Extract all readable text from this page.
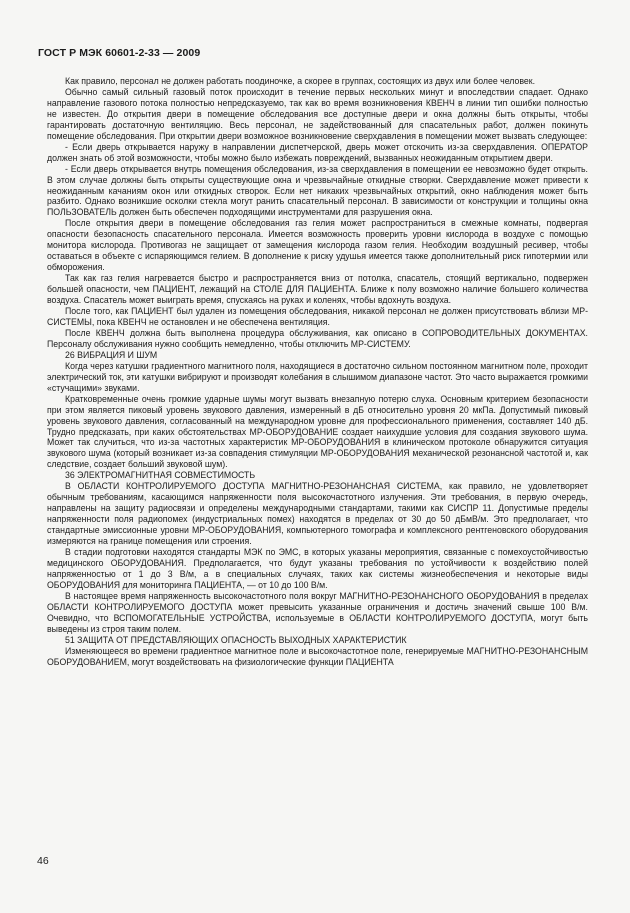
ГОСТ Р МЭК 60601-2-33 — 2009

Как правило, персонал не должен работать поодиночке, а скорее в группах, состоящих из двух или более человек.

Обычно самый сильный газовый поток происходит в течение первых нескольких минут и впоследствии спадает. Однако направление газового потока полностью непредсказуемо, так как во время возникновения КВЕНЧ в линии тип ошибки полностью не известен. До открытия двери в помещение обследования все доступные двери и окна должны быть открыты, чтобы гарантировать достаточную вентиляцию. Весь персонал, не задействованный для спасательных работ, должен покинуть помещение обследования. При открытии двери возможное возникновение сверхдавления в помещении может вызвать следующее:

- Если дверь открывается наружу в направлении диспетчерской, дверь может отскочить из-за сверхдавления. ОПЕРАТОР должен знать об этой возможности, чтобы можно было избежать повреждений, вызванных неожиданным открытием двери.

- Если дверь открывается внутрь помещения обследования, из-за сверхдавления в помещении ее невозможно будет открыть. В этом случае должны быть открыты существующие окна и чрезвычайные откидные створки. Сверхдавление может привести к неожиданным качаниям окон или откидных створок. Если нет никаких чрезвычайных открытий, окно наблюдения может быть разбито. Однако возникшие осколки стекла могут ранить спасательный персонал. В зависимости от конструкции и толщины окна ПОЛЬЗОВАТЕЛЬ должен быть обеспечен подходящими инструментами для разрушения окна.

После открытия двери в помещение обследования газ гелия может распространиться в смежные комнаты, подвергая опасности безопасность спасательного персонала. Имеется возможность проверить уровни кислорода в воздухе с помощью монитора кислорода. Противогаз не защищает от замещения кислорода газом гелия. Необходим воздушный ресивер, чтобы оставаться в объекте с испаряющимся гелием. В дополнение к риску удушья имеется также дополнительный риск гипотермии или обморожения.

Так как газ гелия нагревается быстро и распространяется вниз от потолка, спасатель, стоящий вертикально, подвержен большей опасности, чем ПАЦИЕНТ, лежащий на СТОЛЕ ДЛЯ ПАЦИЕНТА. Ближе к полу возможно наличие большего количества воздуха. Спасатель может выиграть время, спускаясь на руках и коленях, чтобы вдохнуть воздуха.

После того, как ПАЦИЕНТ был удален из помещения обследования, никакой персонал не должен присутствовать вблизи МР-СИСТЕМЫ, пока КВЕНЧ не остановлен и не обеспечена вентиляция.

После КВЕНЧ должна быть выполнена процедура обслуживания, как описано в СОПРОВОДИТЕЛЬНЫХ ДОКУМЕНТАХ. Персоналу обслуживания нужно сообщить немедленно, чтобы отключить МР-СИСТЕМУ.

26 ВИБРАЦИЯ И ШУМ

Когда через катушки градиентного магнитного поля, находящиеся в достаточно сильном постоянном магнитном поле, проходит электрический ток, эти катушки вибрируют и производят колебания в слышимом диапазоне частот. Это часто выражается громкими «стучащими» звуками.

Кратковременные очень громкие ударные шумы могут вызвать внезапную потерю слуха. Основным критерием безопасности при этом является пиковый уровень звукового давления, измеренный в дБ относительно уровня 20 мкПа. Допустимый пиковый уровень звукового давления, согласованный на международном уровне для профессионального применения, составляет 140 дБ. Трудно предсказать, при каких обстоятельствах МР-ОБОРУДОВАНИЕ создает наихудшие условия для создания звукового шума. Может так случиться, что из-за частотных характеристик МР-ОБОРУДОВАНИЯ в клиническом протоколе обнаружится ситуация звукового шума (который возникает из-за совпадения стимуляции МР-ОБОРУДОВАНИЯ механической резонансной частотой и, как следствие, создает больший звуковой шум).

36 ЭЛЕКТРОМАГНИТНАЯ СОВМЕСТИМОСТЬ

В ОБЛАСТИ КОНТРОЛИРУЕМОГО ДОСТУПА МАГНИТНО-РЕЗОНАНСНАЯ СИСТЕМА, как правило, не удовлетворяет обычным требованиям, касающимся напряженности поля высокочастотного излучения. Эти требования, в первую очередь, направлены на защиту радиосвязи и определены международными стандартами, такими как СИСПР 11. Допустимые пределы напряженности поля радиопомех (индустриальных помех) находятся в пределах от 30 до 50 дБмВ/м. Это предполагает, что стандартные эмиссионные уровни МР-ОБОРУДОВАНИЯ, компьютерного томографа и комплексного рентгеновского оборудования измеряются на границе помещения или строения.

В стадии подготовки находятся стандарты МЭК по ЭМС, в которых указаны мероприятия, связанные с помехоустойчивостью медицинского ОБОРУДОВАНИЯ. Предполагается, что будут указаны требования по устойчивости к воздействию полей напряженностью от 1 до 3 В/м, а в специальных случаях, таких как системы жизнеобеспечения и некоторые виды ОБОРУДОВАНИЯ для мониторинга ПАЦИЕНТА, — от 10 до 100 В/м.

В настоящее время напряженность высокочастотного поля вокруг МАГНИТНО-РЕЗОНАНСНОГО ОБОРУДОВАНИЯ в пределах ОБЛАСТИ КОНТРОЛИРУЕМОГО ДОСТУПА может превысить указанные ограничения и достичь значений свыше 100 В/м. Очевидно, что ВСПОМОГАТЕЛЬНЫЕ УСТРОЙСТВА, используемые в ОБЛАСТИ КОНТРОЛИРУЕМОГО ДОСТУПА, могут быть выведены из строя таким полем.

51 ЗАЩИТА ОТ ПРЕДСТАВЛЯЮЩИХ ОПАСНОСТЬ ВЫХОДНЫХ ХАРАКТЕРИСТИК

Изменяющееся во времени градиентное магнитное поле и высокочастотное поле, генерируемые МАГНИТНО-РЕЗОНАНСНЫМ ОБОРУДОВАНИЕМ, могут воздействовать на физиологические функции ПАЦИЕНТА

46
